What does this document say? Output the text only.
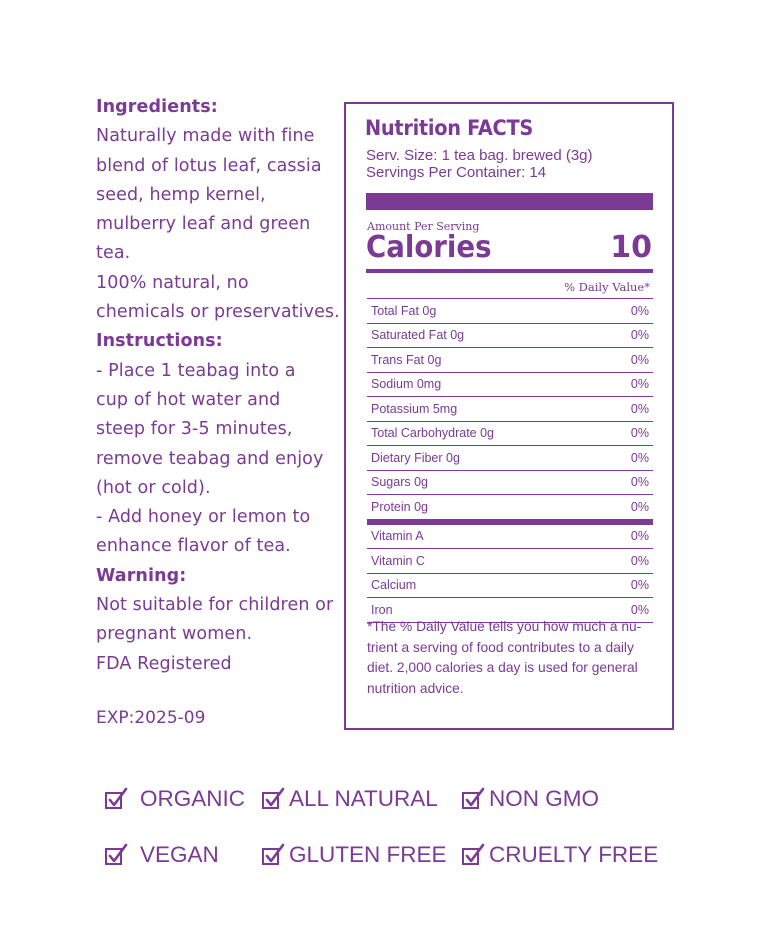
Ingredients:
Naturally made with fine
blend of lotus leaf, cassia
seed, hemp kernel,
mulberry leaf and green
tea.
100% natural, no
chemicals or preservatives.
Instructions:
- Place 1 teabag into a
cup of hot water and
steep for 3-5 minutes,
remove teabag and enjoy
(hot or cold).
- Add honey or lemon to
enhance flavor of tea.
Warning:
Not suitable for children or
pregnant women.
FDA Registered
EXP:2025-09
Nutrition FACTS
Serv. Size: 1 tea bag. brewed (3g)
Servings Per Container: 14
Amount Per Serving
Calories	10
% Daily Value*
Total Fat 0g	0%
Saturated Fat 0g	0%
Trans Fat 0g	0%
Sodium 0mg	0%
Potassium 5mg	0%
Total Carbohydrate 0g	0%
Dietary Fiber 0g	0%
Sugars 0g	0%
Protein 0g	0%
Vitamin A	0%
Vitamin C	0%
Calcium	0%
Iron	0%
*The % Daily Value tells you how much a nu- trient a serving of food contributes to a daily diet. 2,000 calories a day is used for general nutrition advice.
ORGANIC ALL NATURAL NON GMO
VEGAN	GLUTEN FREE CRUELTY FREE
